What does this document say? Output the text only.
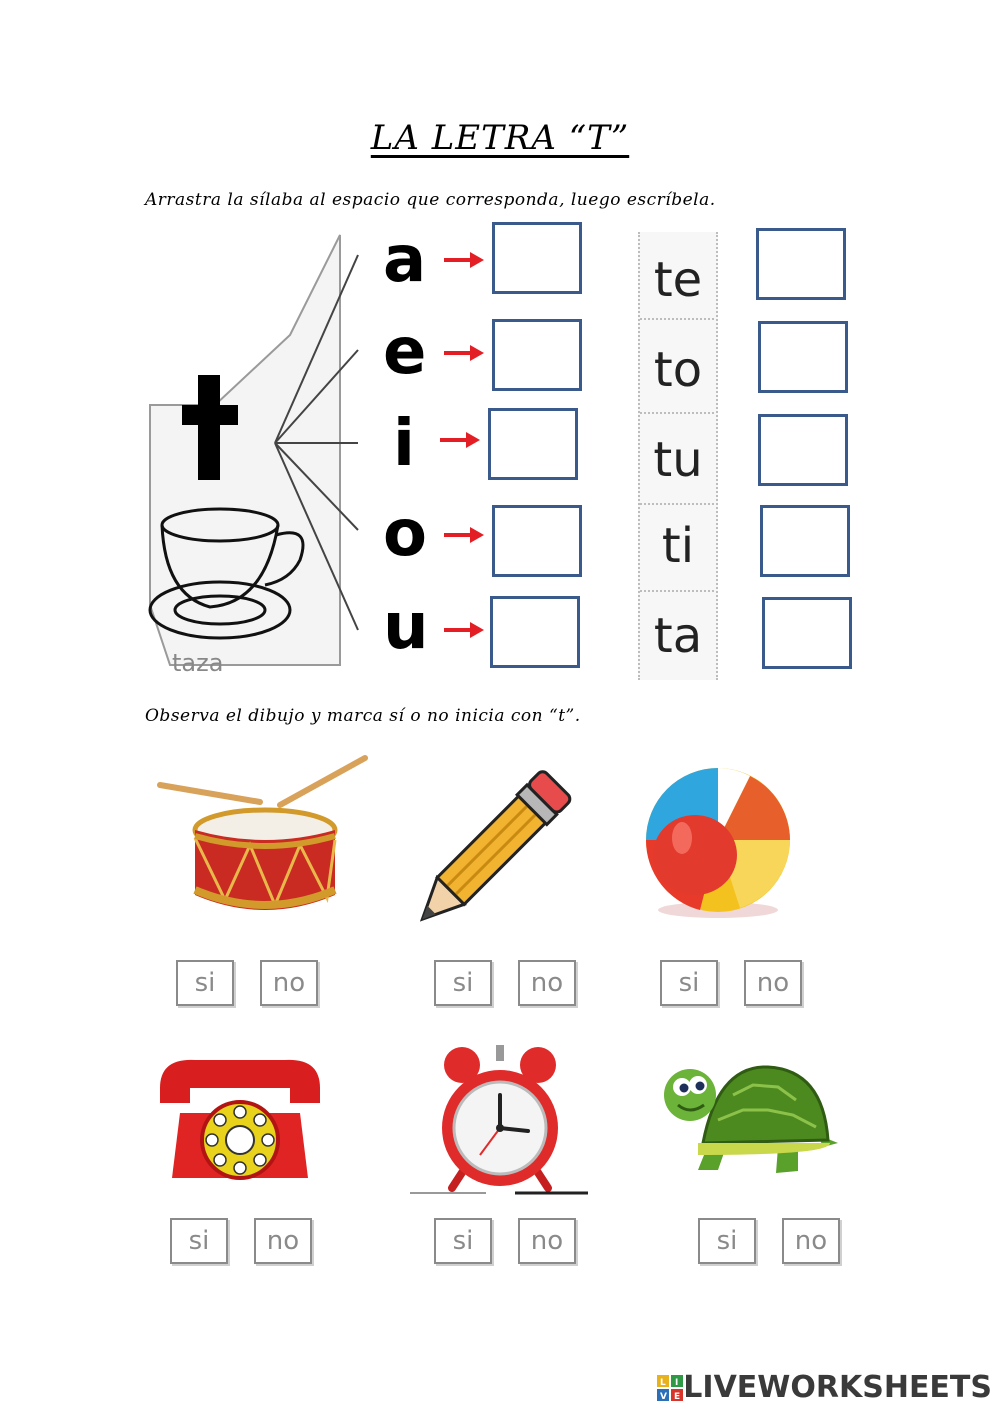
LA LETRA “T”
Arrastra la sílaba al espacio que corresponda, luego escríbela.
taza
a
e
i
o
u
te
to
tu
ti
ta
Observa el dibujo y marca sí o no inicia con “t”.
si	no	si	no	si	no
si	no	si	no	si	no
L I
V E LIVEWORKSHEETS
